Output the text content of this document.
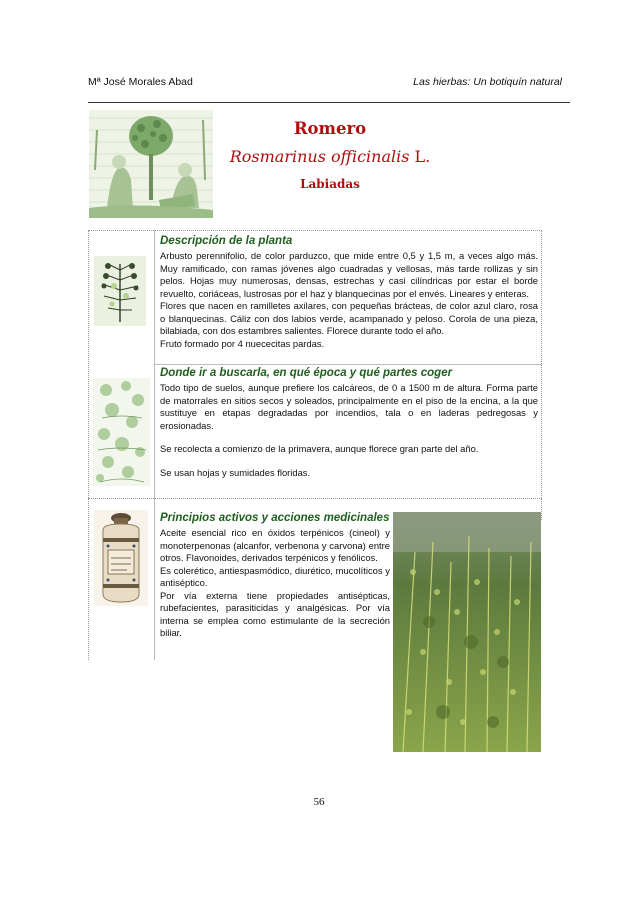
Mª José Morales Abad	Las hierbas: Un botiquín natural
Romero

Rosmarinus officinalis L.

Labiadas

Descripción de la planta

Arbusto perennifolio, de color parduzco, que mide entre 0,5 y 1,5 m, a veces algo más. Muy ramificado, con ramas jóvenes algo cuadradas y vellosas, más tarde rollizas y sin pelos. Hojas muy numerosas, densas, estrechas y casi cilíndricas por estar el borde revuelto, coriáceas, lustrosas por el haz y blanquecinas por el envés. Lineares y enteras.

Flores que nacen en ramilletes axilares, con pequeñas brácteas, de color azul claro, rosa o blanquecinas. Cáliz con dos labios verde, acampanado y peloso. Corola de una pieza, bilabiada, con dos estambres salientes. Florece durante todo el año.

Fruto formado por 4 nuececitas pardas.

Donde ir a buscarla, en qué época y qué partes coger

Todo tipo de suelos, aunque prefiere los calcáreos, de 0 a 1500 m de altura. Forma parte de matorrales en sitios secos y soleados, principalmente en el piso de la encina, a la que sustituye en etapas degradadas por incendios, tala o en laderas pedregosas y erosionadas.

Se recolecta a comienzo de la primavera, aunque florece gran parte del año.

Se usan hojas y sumidades floridas.

Principios activos y acciones medicinales

Aceite esencial rico en óxidos terpénicos (cineol) y monoterpenonas (alcanfor, verbenona y carvona) entre otros. Flavonoides, derivados terpénicos y fenólicos.

Es colerético, antiespasmódico, diurético, mucolíticos y antiséptico.

Por vía externa tiene propiedades antisépticas, rubefacientes, parasiticidas y analgésicas. Por vía interna se emplea como estimulante de la secreción biliar.

56
